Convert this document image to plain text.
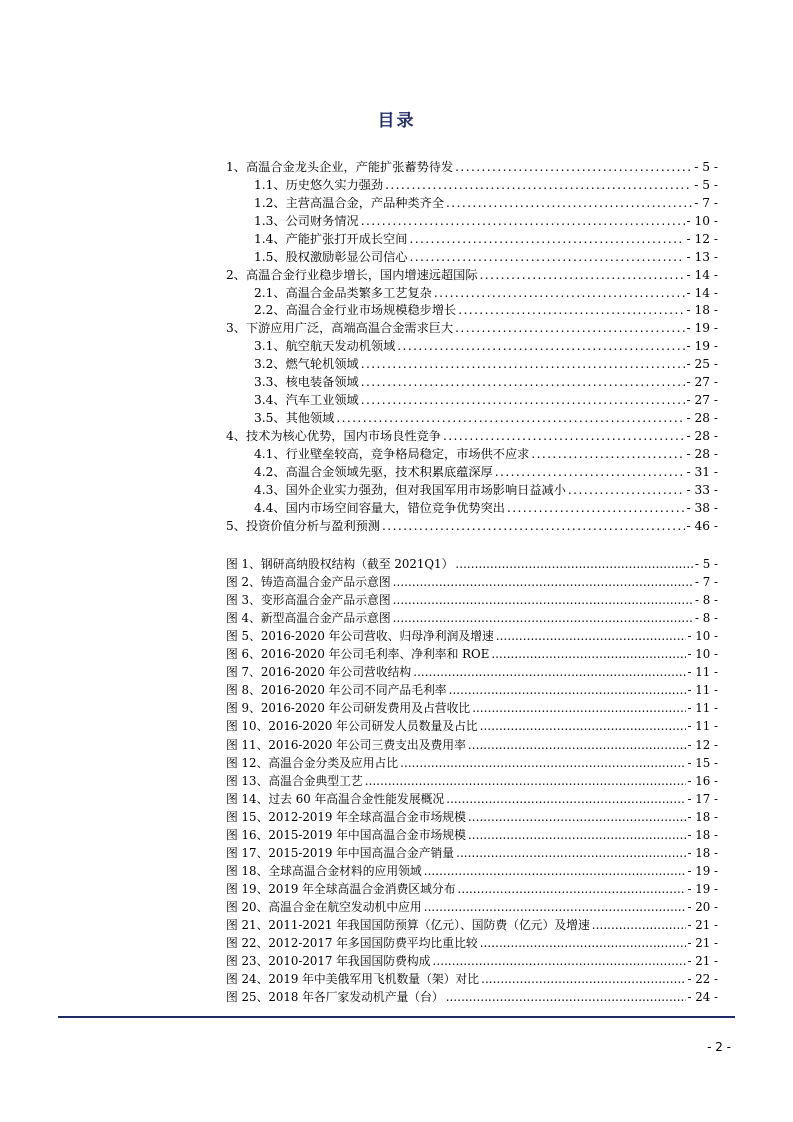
目录
1、高温合金龙头企业，产能扩张蓄势待发 .....	- 5 -
1.1、历史悠久实力强劲 .....	- 5 -
1.2、主营高温合金，产品种类齐全 .....	- 7 -
1.3、公司财务情况 .....	- 10 -
1.4、产能扩张打开成长空间 .....	- 12 -
1.5、股权激励彰显公司信心 .....	- 13 -
2、高温合金行业稳步增长，国内增速远超国际 .....	- 14 -
2.1、高温合金品类繁多工艺复杂 .....	- 14 -
2.2、高温合金行业市场规模稳步增长 .....	- 18 -
3、下游应用广泛，高端高温合金需求巨大 .....	- 19 -
3.1、航空航天发动机领域 .....	- 19 -
3.2、燃气轮机领域 .....	- 25 -
3.3、核电装备领域 .....	- 27 -
3.4、汽车工业领域 .....	- 27 -
3.5、其他领域 .....	- 28 -
4、技术为核心优势，国内市场良性竞争 .....	- 28 -
4.1、行业壁垒较高，竞争格局稳定，市场供不应求 .....	- 28 -
4.2、高温合金领域先驱，技术积累底蕴深厚 .....	- 31 -
4.3、国外企业实力强劲，但对我国军用市场影响日益减小 .....	- 33 -
4.4、国内市场空间容量大，错位竞争优势突出 .....	- 38 -
5、投资价值分析与盈利预测 .....	- 46 -
图 1、钢研高纳股权结构（截至 2021Q1） .....	- 5 -
图 2、铸造高温合金产品示意图 .....	- 7 -
图 3、变形高温合金产品示意图 .....	- 8 -
图 4、新型高温合金产品示意图 .....	- 8 -
图 5、2016-2020 年公司营收、归母净利润及增速 .....	- 10 -
图 6、2016-2020 年公司毛利率、净利率和 ROE .....	- 10 -
图 7、2016-2020 年公司营收结构 .....	- 11 -
图 8、2016-2020 年公司不同产品毛利率 .....	- 11 -
图 9、2016-2020 年公司研发费用及占营收比 .....	- 11 -
图 10、2016-2020 年公司研发人员数量及占比 .....	- 11 -
图 11、2016-2020 年公司三费支出及费用率 .....	- 12 -
图 12、高温合金分类及应用占比 .....	- 15 -
图 13、高温合金典型工艺 .....	- 16 -
图 14、过去 60 年高温合金性能发展概况 .....	- 17 -
图 15、2012-2019 年全球高温合金市场规模 .....	- 18 -
图 16、2015-2019 年中国高温合金市场规模 .....	- 18 -
图 17、2015-2019 年中国高温合金产销量 .....	- 18 -
图 18、全球高温合金材料的应用领域 .....	- 19 -
图 19、2019 年全球高温合金消费区域分布 .....	- 19 -
图 20、高温合金在航空发动机中应用 .....	- 20 -
图 21、2011-2021 年我国国防预算（亿元）、国防费（亿元）及增速 .....	- 21 -
图 22、2012-2017 年多国国防费平均比重比较 .....	- 21 -
图 23、2010-2017 年我国国防费构成 .....	- 21 -
图 24、2019 年中美俄军用飞机数量（架）对比 .....	- 22 -
图 25、2018 年各厂家发动机产量（台） .....	- 24 -
- 2 -
